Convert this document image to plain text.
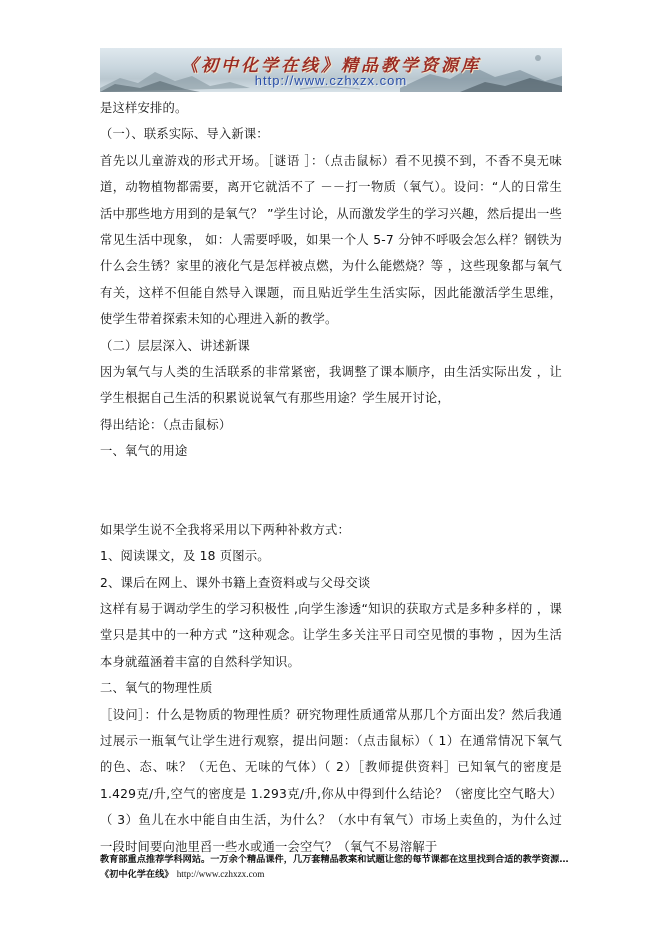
《初中化学在线》精品教学资源库
http://www.czhxzx.com

是这样安排的。

（一）、联系实际、导入新课：

首先以儿童游戏的形式开场。［谜语 ］：（点击鼠标）看不见摸不到，不香不臭无味道，动物植物都需要，离开它就活不了 －－打一物质（氧气）。设问：“人的日常生活中那些地方用到的是氧气？ ”学生讨论，从而激发学生的学习兴趣，然后提出一些常见生活中现象， 如：人需要呼吸，如果一个人 5-7 分钟不呼吸会怎么样？钢铁为什么会生锈？家里的液化气是怎样被点燃，为什么能燃烧？等 ，这些现象都与氧气有关，这样不但能自然导入课题，而且贴近学生生活实际，因此能激活学生思维，使学生带着探索未知的心理进入新的教学。

（二）层层深入、讲述新课

因为氧气与人类的生活联系的非常紧密，我调整了课本顺序，由生活实际出发 ，让学生根据自己生活的积累说说氧气有那些用途？学生展开讨论，

得出结论：（点击鼠标）

一、氧气的用途

如果学生说不全我将采用以下两种补救方式：

1、阅读课文，及 18 页图示。

2、课后在网上、课外书籍上查资料或与父母交谈

这样有易于调动学生的学习积极性 ,向学生渗透“知识的获取方式是多种多样的 ，课堂只是其中的一种方式 ”这种观念。让学生多关注平日司空见惯的事物 ，因为生活本身就蕴涵着丰富的自然科学知识。

二、氧气的物理性质

［设问］：什么是物质的物理性质？研究物理性质通常从那几个方面出发？然后我通过展示一瓶氧气让学生进行观察，提出问题：（点击鼠标）（ 1）在通常情况下氧气的色、态、味？（无色、无味的气体）（ 2）［教师提供资料］已知氧气的密度是 1.429克/升,空气的密度是 1.293克/升,你从中得到什么结论？（密度比空气略大）（ 3）鱼儿在水中能自由生活，为什么？（水中有氧气）市场上卖鱼的，为什么过一段时间要向池里舀一些水或通一会空气？（氧气不易溶解于

教育部重点推荐学科网站。一万余个精品课件，几万套精品教案和试题让您的每节课都在这里找到合适的教学资源…《初中化学在线》 http://www.czhxzx.com
